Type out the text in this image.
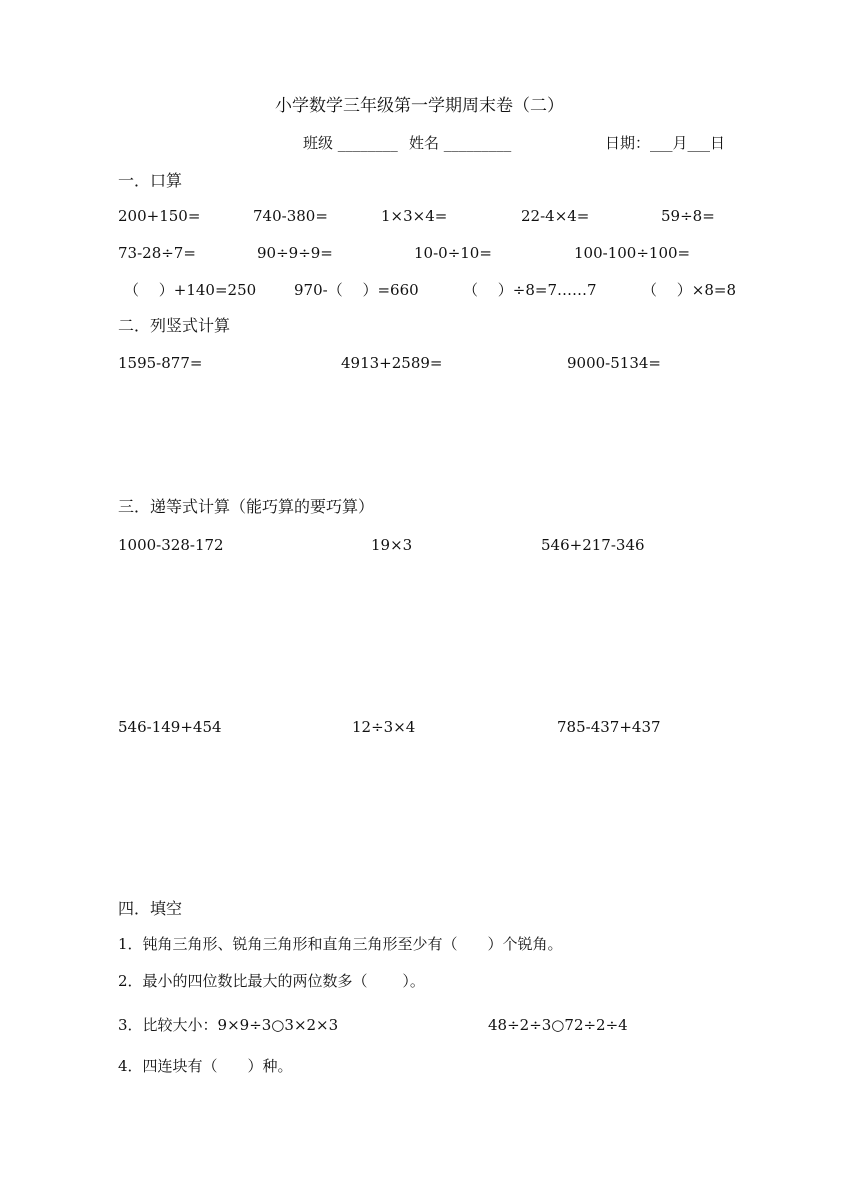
小学数学三年级第一学期周末卷（二）
班级 ________ 姓名 _________	日期：___月___日
一．口算
200+150=	740-380=	1×3×4=	22-4×4=	59÷8=
73-28÷7=	90÷9÷9=	10-0÷10=	100-100÷100=
（　 ）+140=250	970-（　 ）=660	（　 ）÷8=7……7	（　 ）×8=8
二．列竖式计算
1595-877=	4913+2589=	9000-5134=
三．递等式计算（能巧算的要巧算）
1000-328-172	19×3	546+217-346
546-149+454	12÷3×4	785-437+437
四．填空
1．钝角三角形、锐角三角形和直角三角形至少有（　　）个锐角。
2．最小的四位数比最大的两位数多（　　 ）。
3．比较大小：9×9÷3○3×2×3	48÷2÷3○72÷2÷4
4．四连块有（　　）种。
